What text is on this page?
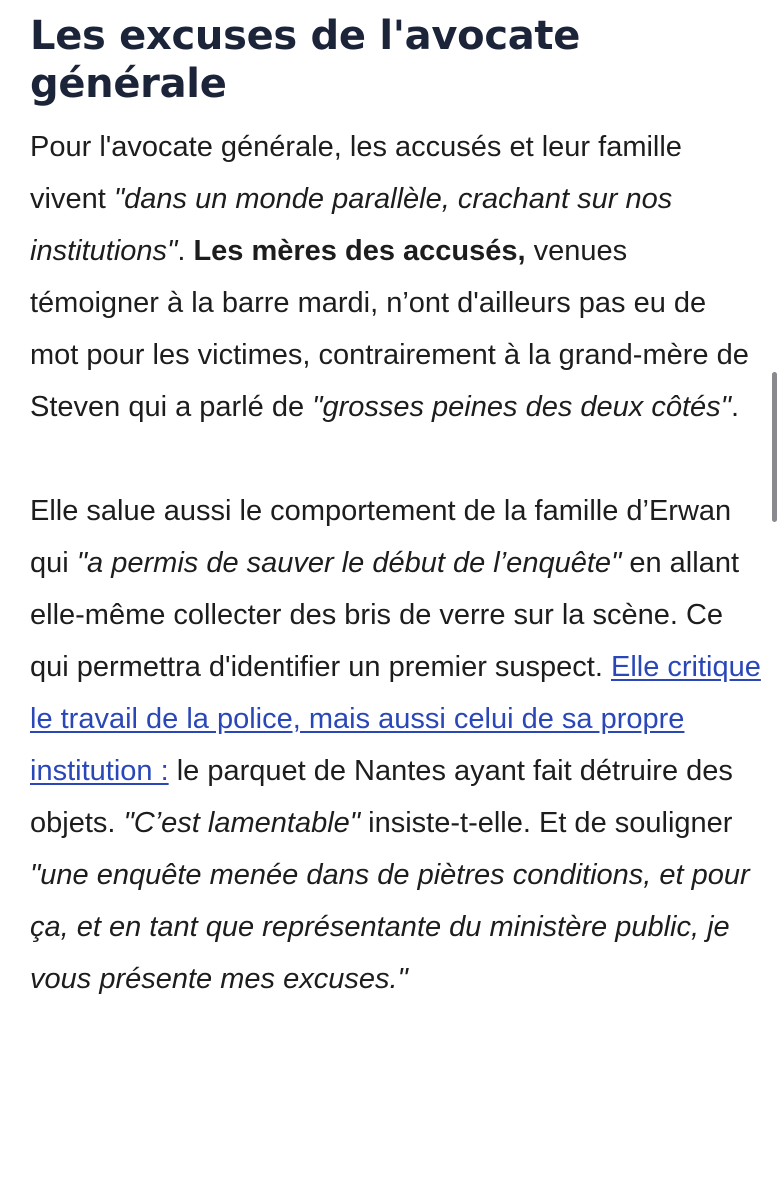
Les excuses de l'avocate générale

Pour l'avocate générale, les accusés et leur famille vivent "dans un monde parallèle, crachant sur nos institutions". Les mères des accusés, venues témoigner à la barre mardi, n’ont d'ailleurs pas eu de mot pour les victimes, contrairement à la grand-mère de Steven qui a parlé de "grosses peines des deux côtés".

Elle salue aussi le comportement de la famille d’Erwan qui "a permis de sauver le début de l’enquête" en allant elle-même collecter des bris de verre sur la scène. Ce qui permettra d'identifier un premier suspect. Elle critique le travail de la police, mais aussi celui de sa propre institution : le parquet de Nantes ayant fait détruire des objets. "C’est lamentable" insiste-t-elle. Et de souligner "une enquête menée dans de piètres conditions, et pour ça, et en tant que représentante du ministère public, je vous présente mes excuses."
